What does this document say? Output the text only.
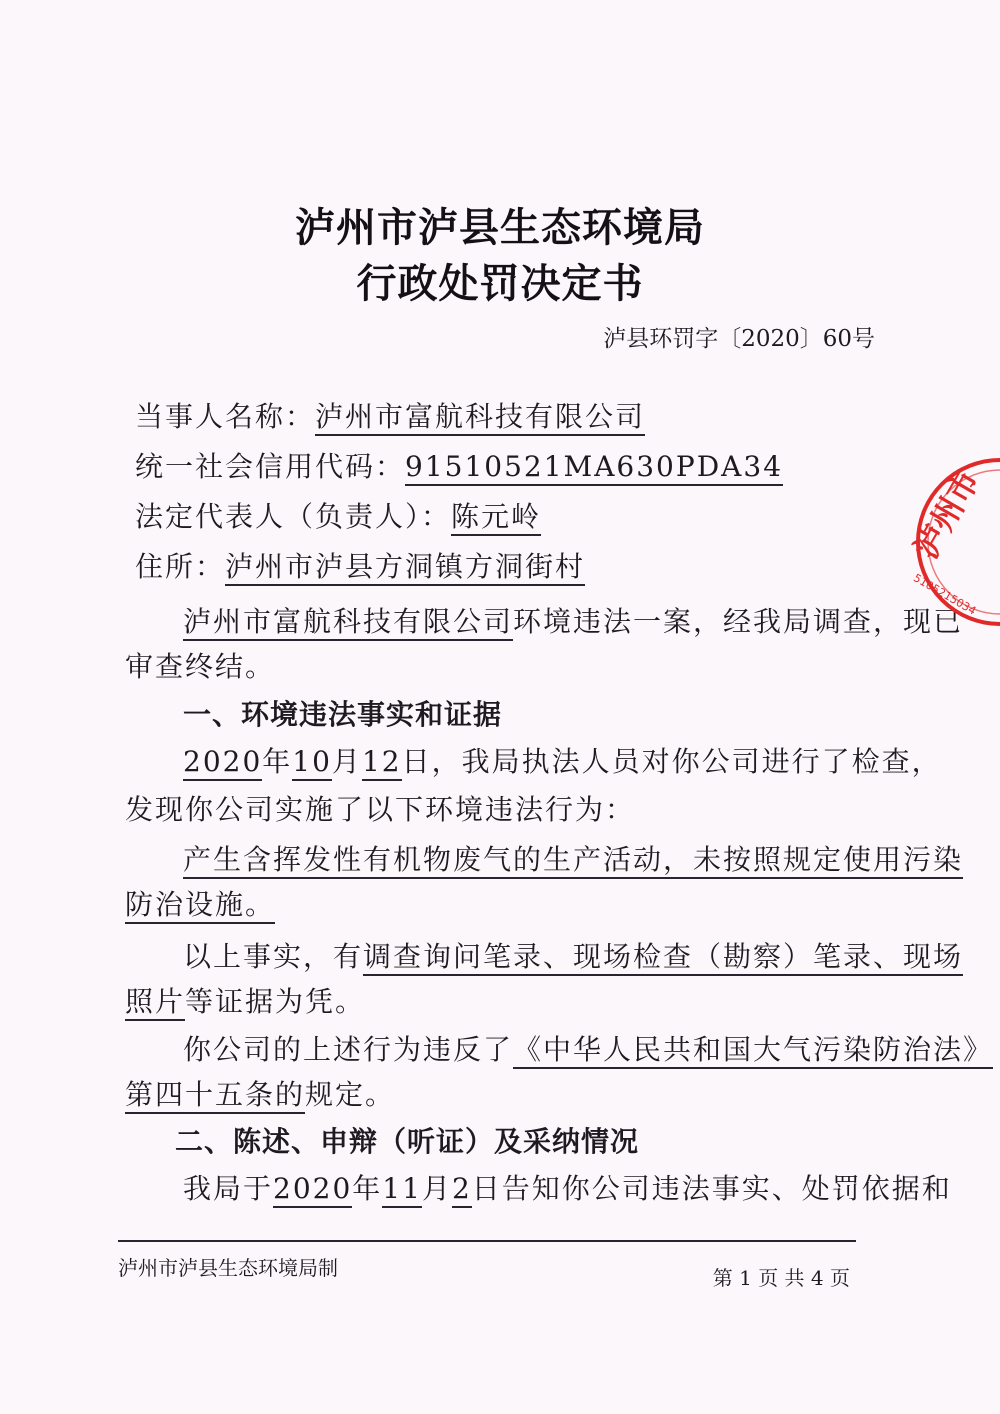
泸州市泸县生态环境局
行政处罚决定书
泸县环罚字〔2020〕60号
当事人名称：泸州市富航科技有限公司
统一社会信用代码：91510521MA630PDA34
法定代表人（负责人）：陈元岭
住所：泸州市泸县方洞镇方洞街村
泸州市富航科技有限公司环境违法一案，经我局调查，现已
审查终结。
一、环境违法事实和证据
2020年10月12日，我局执法人员对你公司进行了检查，
发现你公司实施了以下环境违法行为：
产生含挥发性有机物废气的生产活动，未按照规定使用污染
防治设施。
以上事实，有调查询问笔录、现场检查（勘察）笔录、现场
照片等证据为凭。
你公司的上述行为违反了《中华人民共和国大气污染防治法》
第四十五条的规定。
二、陈述、申辩（听证）及采纳情况
我局于2020年11月2日告知你公司违法事实、处罚依据和
泸州市泸县生态环境局制	第 1 页 共 4 页
泸州市
5105215034
